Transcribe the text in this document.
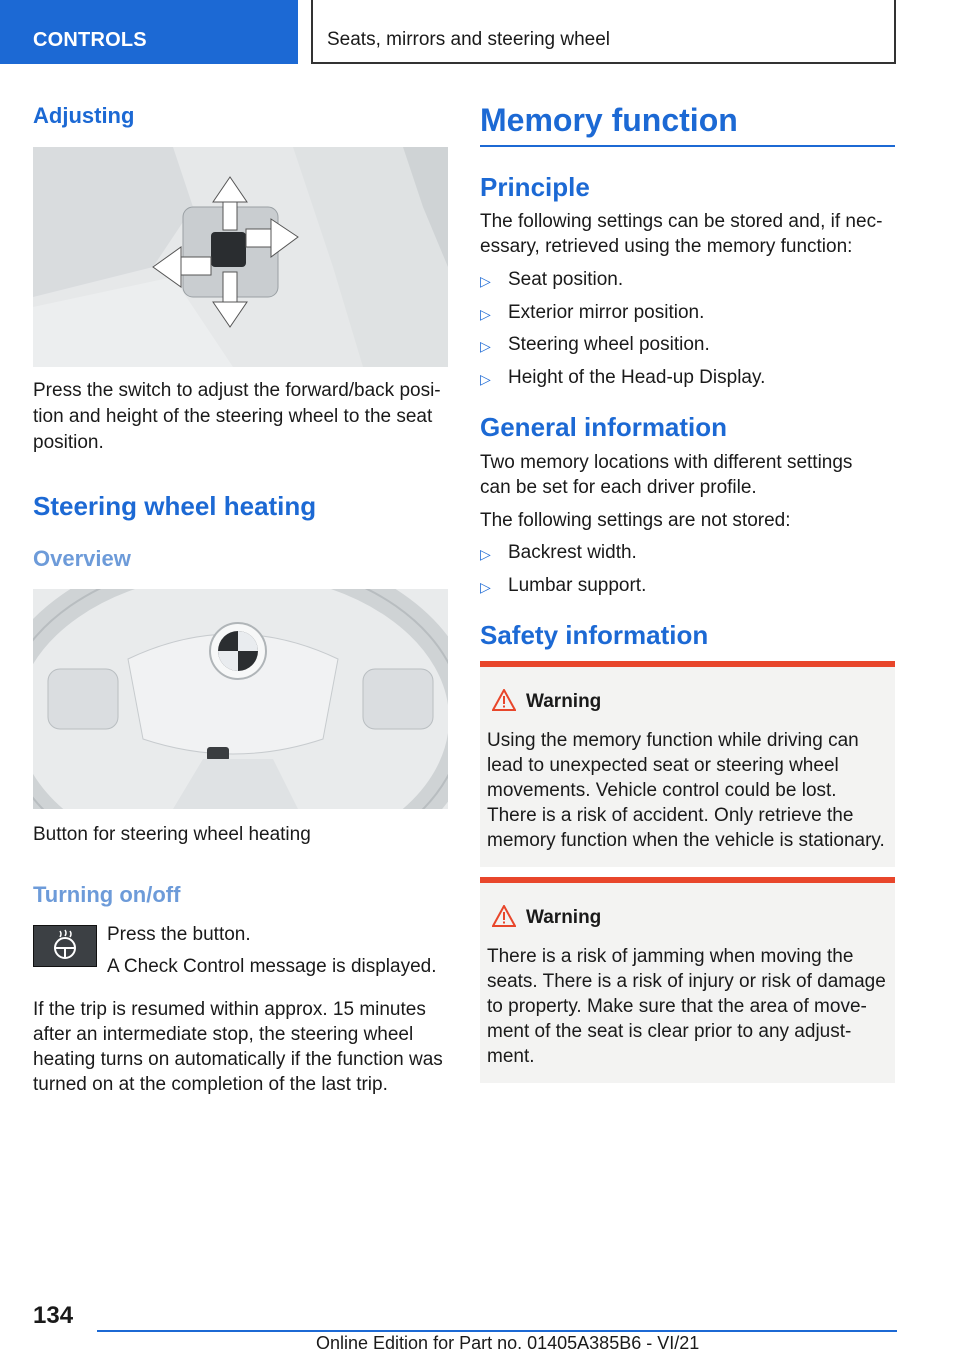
CONTROLS	Seats, mirrors and steering wheel
Adjusting

Press the switch to adjust the forward/back posi-

tion and height of the steering wheel to the seat

position.

Steering wheel heating
Overview

Button for steering wheel heating

Turning on/off

Press the button.

A Check Control message is displayed.

If the trip is resumed within approx. 15 minutes

after an intermediate stop, the steering wheel

heating turns on automatically if the function was

turned on at the completion of the last trip.

Memory function
Principle

The following settings can be stored and, if nec-

essary, retrieved using the memory function:

▷ Seat position.
▷ Exterior mirror position.
▷ Steering wheel position.
▷ Height of the Head-up Display.
General information

Two memory locations with different settings

can be set for each driver profile.

The following settings are not stored:

▷ Backrest width.
▷ Lumbar support.
Safety information
Warning
Using the memory function while driving can
lead to unexpected seat or steering wheel
movements. Vehicle control could be lost.
There is a risk of accident. Only retrieve the
memory function when the vehicle is stationary.
Warning
There is a risk of jamming when moving the
seats. There is a risk of injury or risk of damage
to property. Make sure that the area of move-
ment of the seat is clear prior to any adjust-
ment.
134
Online Edition for Part no. 01405A385B6 - VI/21
